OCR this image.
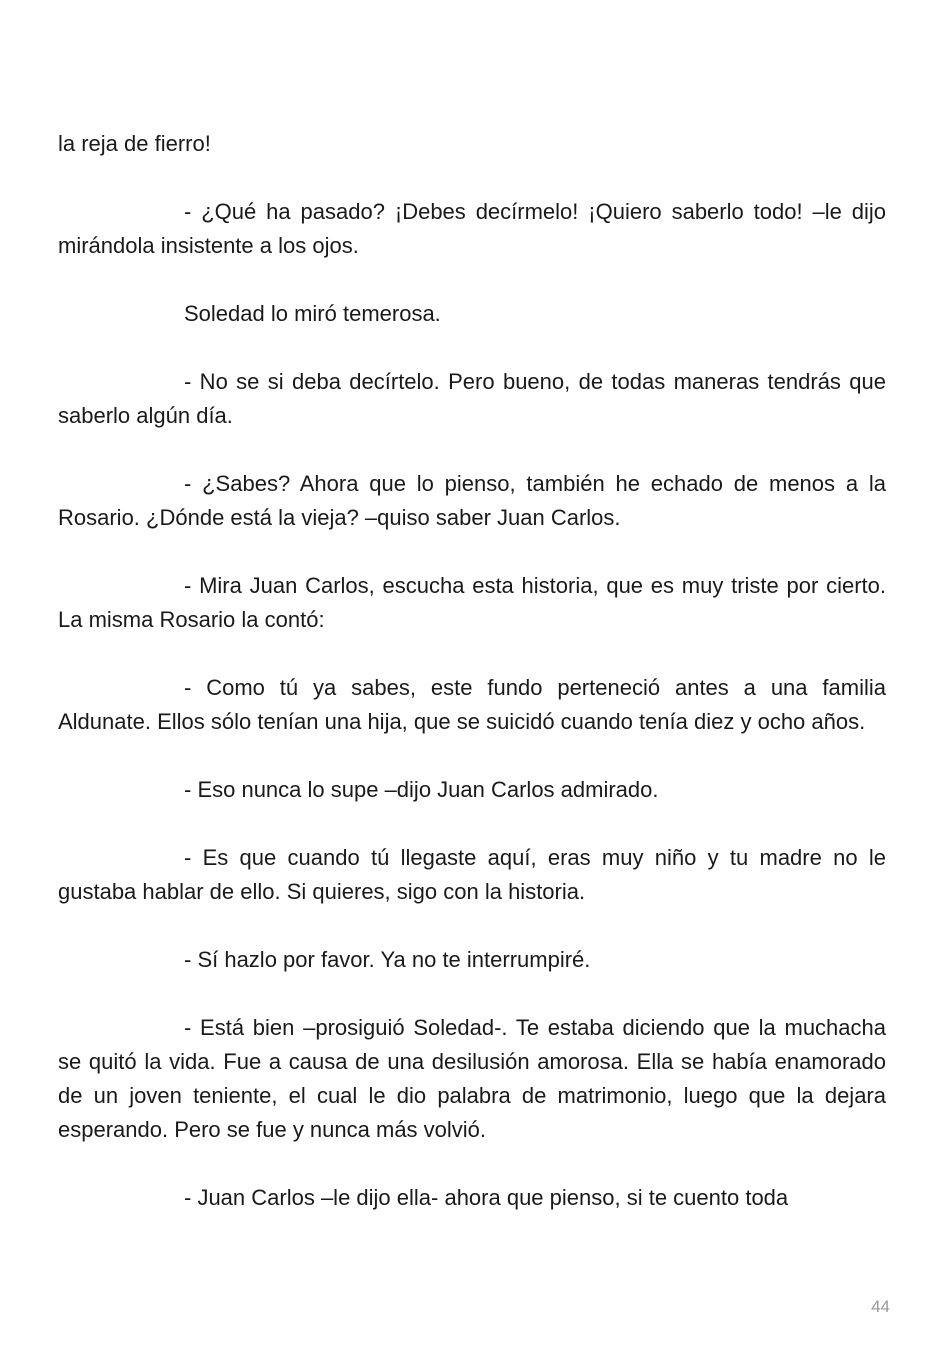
la reja de fierro!

- ¿Qué ha pasado? ¡Debes decírmelo! ¡Quiero saberlo todo! –le dijo mirándola insistente a los ojos.

Soledad lo miró temerosa.

- No se si deba decírtelo. Pero bueno, de todas maneras tendrás que saberlo algún día.

- ¿Sabes? Ahora que lo pienso, también he echado de menos a la Rosario. ¿Dónde está la vieja? –quiso saber Juan Carlos.

- Mira Juan Carlos, escucha esta historia, que es muy triste por cierto. La misma Rosario la contó:

- Como tú ya sabes, este fundo perteneció antes a una familia Aldunate. Ellos sólo tenían una hija, que se suicidó cuando tenía diez y ocho años.

- Eso nunca lo supe –dijo Juan Carlos admirado.

- Es que cuando tú llegaste aquí, eras muy niño y tu madre no le gustaba hablar de ello. Si quieres, sigo con la historia.

- Sí hazlo por favor. Ya no te interrumpiré.

- Está bien –prosiguió Soledad-. Te estaba diciendo que la muchacha se quitó la vida. Fue a causa de una desilusión amorosa. Ella se había enamorado de un joven teniente, el cual le dio palabra de matrimonio, luego que la dejara esperando. Pero se fue y nunca más volvió.

- Juan Carlos –le dijo ella- ahora que pienso, si te cuento toda

44
